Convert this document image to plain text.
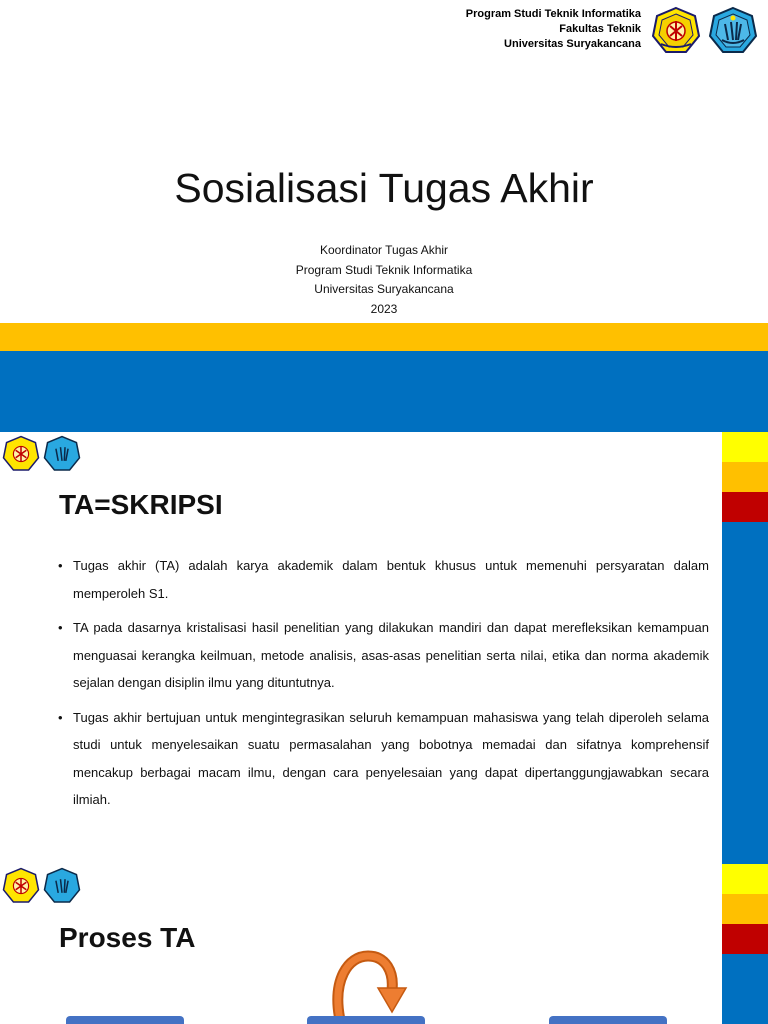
Program Studi Teknik Informatika
Fakultas Teknik
Universitas Suryakancana
Sosialisasi Tugas Akhir
Koordinator Tugas Akhir
Program Studi Teknik Informatika
Universitas Suryakancana
2023
TA=SKRIPSI
• Tugas akhir (TA) adalah karya akademik dalam bentuk khusus untuk memenuhi persyaratan dalam memperoleh S1.
• TA pada dasarnya kristalisasi hasil penelitian yang dilakukan mandiri dan dapat merefleksikan kemampuan menguasai kerangka keilmuan, metode analisis, asas-asas penelitian serta nilai, etika dan norma akademik sejalan dengan disiplin ilmu yang dituntutnya.
• Tugas akhir bertujuan untuk mengintegrasikan seluruh kemampuan mahasiswa yang telah diperoleh selama studi untuk menyelesaikan suatu permasalahan yang bobotnya memadai dan sifatnya komprehensif mencakup berbagai macam ilmu, dengan cara penyelesaian yang dapat dipertanggungjawabkan secara ilmiah.
Proses TA
